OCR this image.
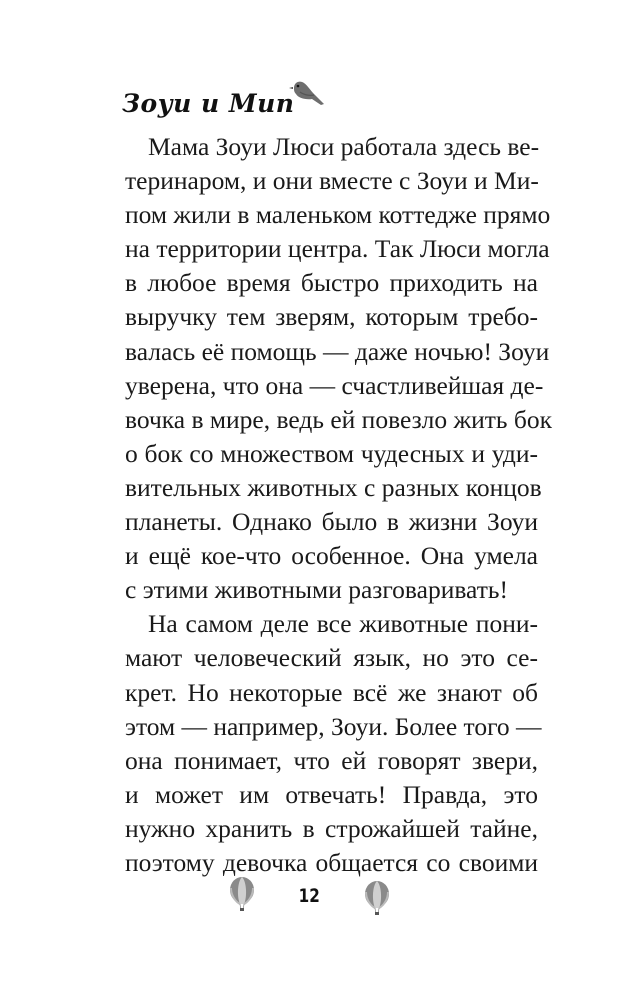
Зоуи и Мип
Мама Зоуи Люси работала здесь ве-
теринаром, и они вместе с Зоуи и Ми-
пом жили в маленьком коттедже прямо
на территории центра. Так Люси могла
в любое время быстро приходить на
выручку тем зверям, которым требо-
валась её помощь — даже ночью! Зоуи
уверена, что она — счастливейшая де-
вочка в мире, ведь ей повезло жить бок
о бок со множеством чудесных и уди-
вительных животных с разных концов
планеты. Однако было в жизни Зоуи
и ещё кое-что особенное. Она умела
с этими животными разговаривать!
На самом деле все животные пони-
мают человеческий язык, но это се-
крет. Но некоторые всё же знают об
этом — например, Зоуи. Более того —
она понимает, что ей говорят звери,
и может им отвечать! Правда, это
нужно хранить в строжайшей тайне,
поэтому девочка общается со своими
12
